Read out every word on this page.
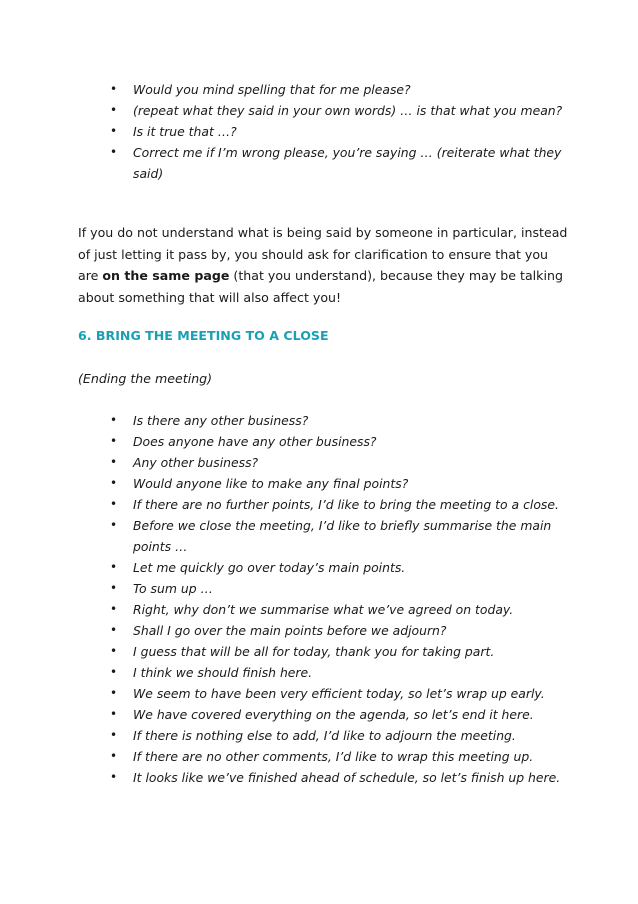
• Would you mind spelling that for me please?
• (repeat what they said in your own words) … is that what you mean?
• Is it true that …?
• Correct me if I’m wrong please, you’re saying … (reiterate what they said)

If you do not understand what is being said by someone in particular, instead of just letting it pass by, you should ask for clarification to ensure that you are on the same page (that you understand), because they may be talking about something that will also affect you!

6. BRING THE MEETING TO A CLOSE
(Ending the meeting)
• Is there any other business?
• Does anyone have any other business?
• Any other business?
• Would anyone like to make any final points?
• If there are no further points, I’d like to bring the meeting to a close.
• Before we close the meeting, I’d like to briefly summarise the main points …
• Let me quickly go over today’s main points.
• To sum up …
• Right, why don’t we summarise what we’ve agreed on today.
• Shall I go over the main points before we adjourn?
• I guess that will be all for today, thank you for taking part.
• I think we should finish here.
• We seem to have been very efficient today, so let’s wrap up early.
• We have covered everything on the agenda, so let’s end it here.
• If there is nothing else to add, I’d like to adjourn the meeting.
• If there are no other comments, I’d like to wrap this meeting up.
• It looks like we’ve finished ahead of schedule, so let’s finish up here.
